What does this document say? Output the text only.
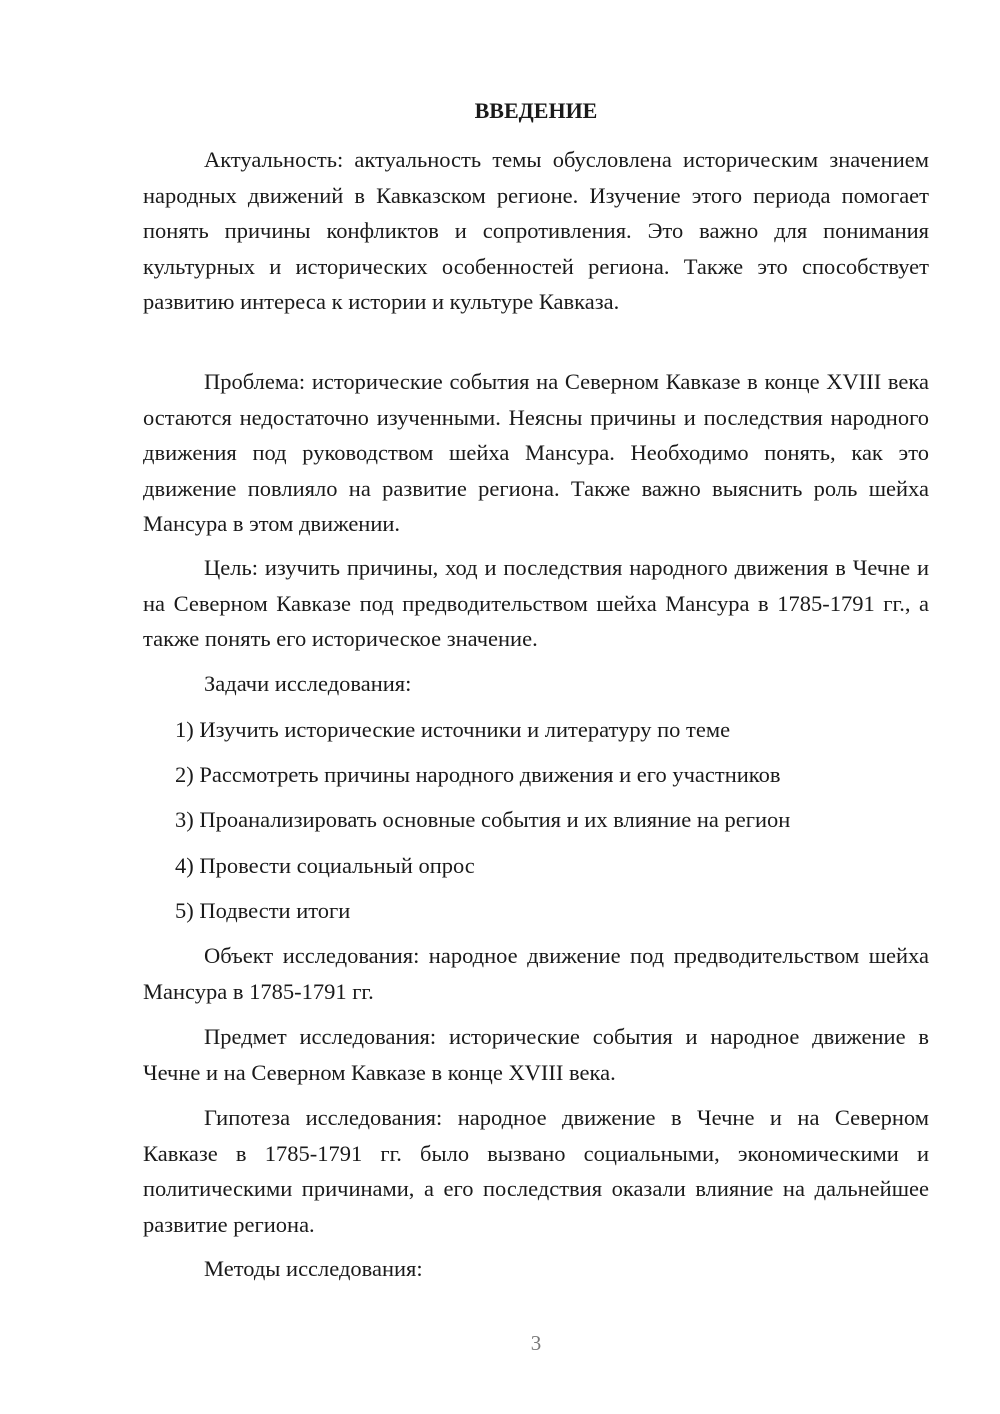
ВВЕДЕНИЕ
Актуальность: актуальность темы обусловлена историческим значением народных движений в Кавказском регионе. Изучение этого периода помогает понять причины конфликтов и сопротивления. Это важно для понимания культурных и исторических особенностей региона. Также это способствует развитию интереса к истории и культуре Кавказа.
Проблема: исторические события на Северном Кавказе в конце XVIII века остаются недостаточно изученными. Неясны причины и последствия народного движения под руководством шейха Мансура. Необходимо понять, как это движение повлияло на развитие региона. Также важно выяснить роль шейха Мансура в этом движении.
Цель: изучить причины, ход и последствия народного движения в Чечне и на Северном Кавказе под предводительством шейха Мансура в 1785-1791 гг., а также понять его историческое значение.
Задачи исследования:
1) Изучить исторические источники и литературу по теме
2) Рассмотреть причины народного движения и его участников
3) Проанализировать основные события и их влияние на регион
4) Провести социальный опрос
5) Подвести итоги
Объект исследования: народное движение под предводительством шейха Мансура в 1785-1791 гг.
Предмет исследования: исторические события и народное движение в Чечне и на Северном Кавказе в конце XVIII века.
Гипотеза исследования: народное движение в Чечне и на Северном Кавказе в 1785-1791 гг. было вызвано социальными, экономическими и политическими причинами, а его последствия оказали влияние на дальнейшее развитие региона.
Методы исследования:
3
